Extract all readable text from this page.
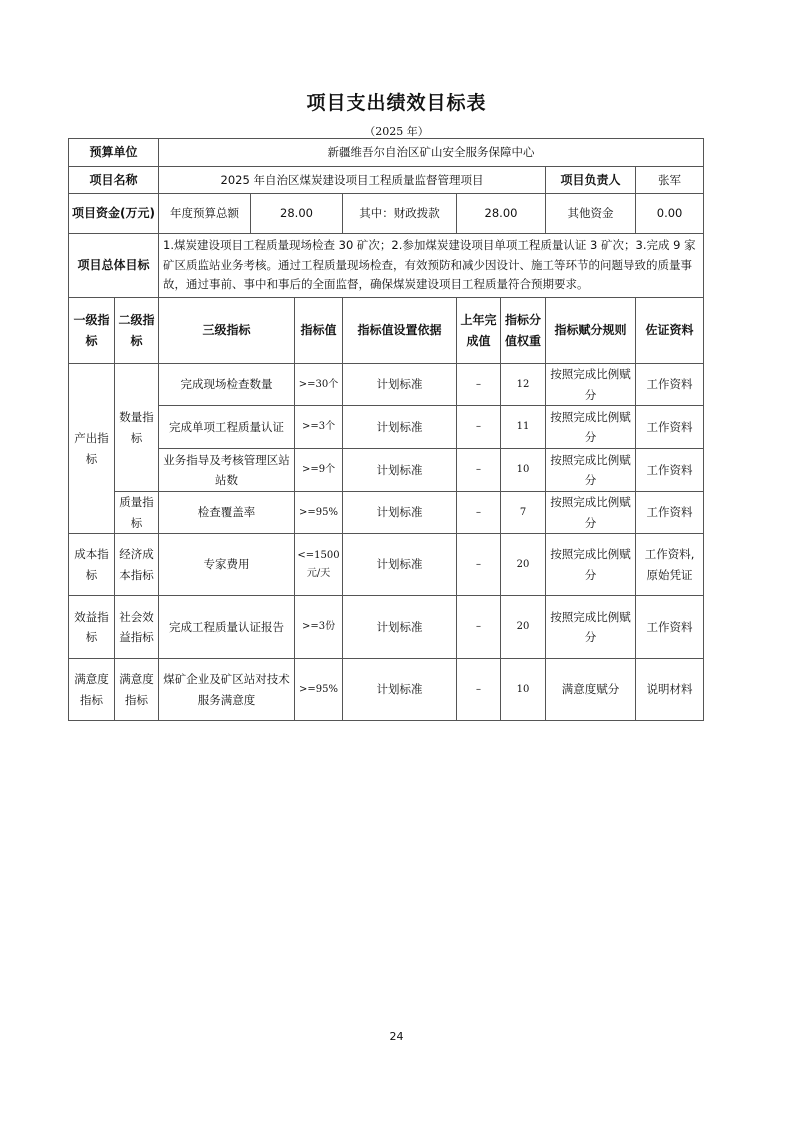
项目支出绩效目标表
（2025 年）
预算单位		新疆维吾尔自治区矿山安全服务保障中心							
项目名称		2025 年自治区煤炭建设项目工程质量监督管理项目						项目负责人	张军
项目资金(万元)		年度预算总额	28.00		其中：财政拨款	28.00		其他资金	0.00
项目总体目标		1.煤炭建设项目工程质量现场检查 30 矿次；2.参加煤炭建设项目单项工程质量认证 3 矿次；3.完成 9 家矿区质监站业务考核。通过工程质量现场检查，有效预防和减少因设计、施工等环节的问题导致的质量事故，通过事前、事中和事后的全面监督，确保煤炭建设项目工程质量符合预期要求。							
一级指标	二级指标	三级指标		指标值	指标值设置依据	上年完成值	指标分值权重	指标赋分规则	佐证资料
产出指标	数量指标	完成现场检查数量		>=30个	计划标准	–	12	按照完成比例赋分	工作资料
		完成单项工程质量认证		>=3个	计划标准	–	11	按照完成比例赋分	工作资料
		业务指导及考核管理区站站数		>=9个	计划标准	–	10	按照完成比例赋分	工作资料
	质量指标	检查覆盖率		>=95%	计划标准	–	7	按照完成比例赋分	工作资料
成本指标	经济成本指标	专家费用		<=1500元/天	计划标准	–	20	按照完成比例赋分	工作资料, 原始凭证
效益指标	社会效益指标	完成工程质量认证报告		>=3份	计划标准	–	20	按照完成比例赋分	工作资料
满意度指标	满意度指标	煤矿企业及矿区站对技术服务满意度		>=95%	计划标准	–	10	满意度赋分	说明材料
24
